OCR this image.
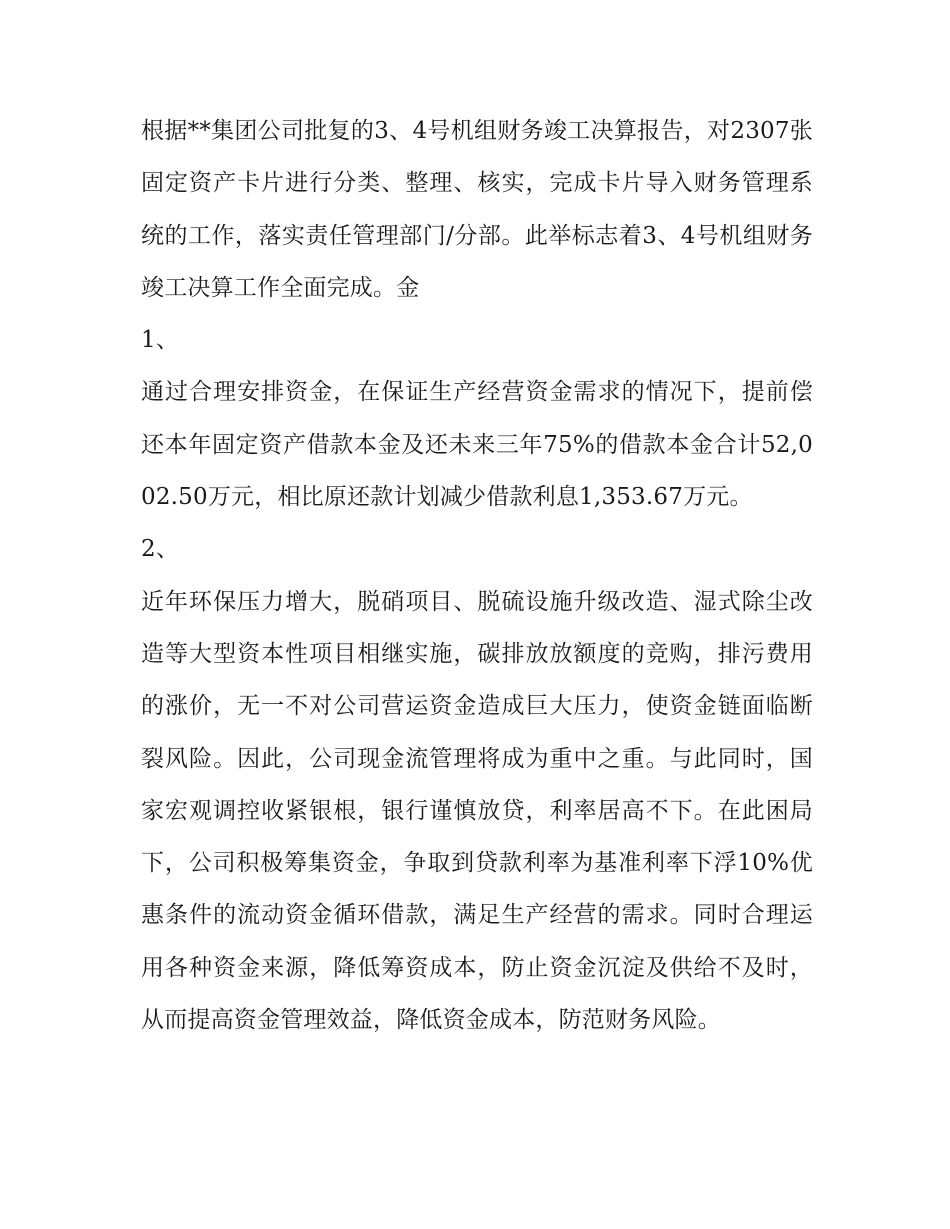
根据**集团公司批复的3、4号机组财务竣工决算报告，对2307张固定资产卡片进行分类、整理、核实，完成卡片导入财务管理系统的工作，落实责任管理部门/分部。此举标志着3、4号机组财务竣工决算工作全面完成。金

1、

通过合理安排资金，在保证生产经营资金需求的情况下，提前偿还本年固定资产借款本金及还未来三年75%的借款本金合计52,002.50万元，相比原还款计划减少借款利息1,353.67万元。

2、

近年环保压力增大，脱硝项目、脱硫设施升级改造、湿式除尘改造等大型资本性项目相继实施，碳排放放额度的竞购，排污费用的涨价，无一不对公司营运资金造成巨大压力，使资金链面临断裂风险。因此，公司现金流管理将成为重中之重。与此同时，国家宏观调控收紧银根，银行谨慎放贷，利率居高不下。在此困局下，公司积极筹集资金，争取到贷款利率为基准利率下浮10%优惠条件的流动资金循环借款，满足生产经营的需求。同时合理运用各种资金来源，降低筹资成本，防止资金沉淀及供给不及时，从而提高资金管理效益，降低资金成本，防范财务风险。
